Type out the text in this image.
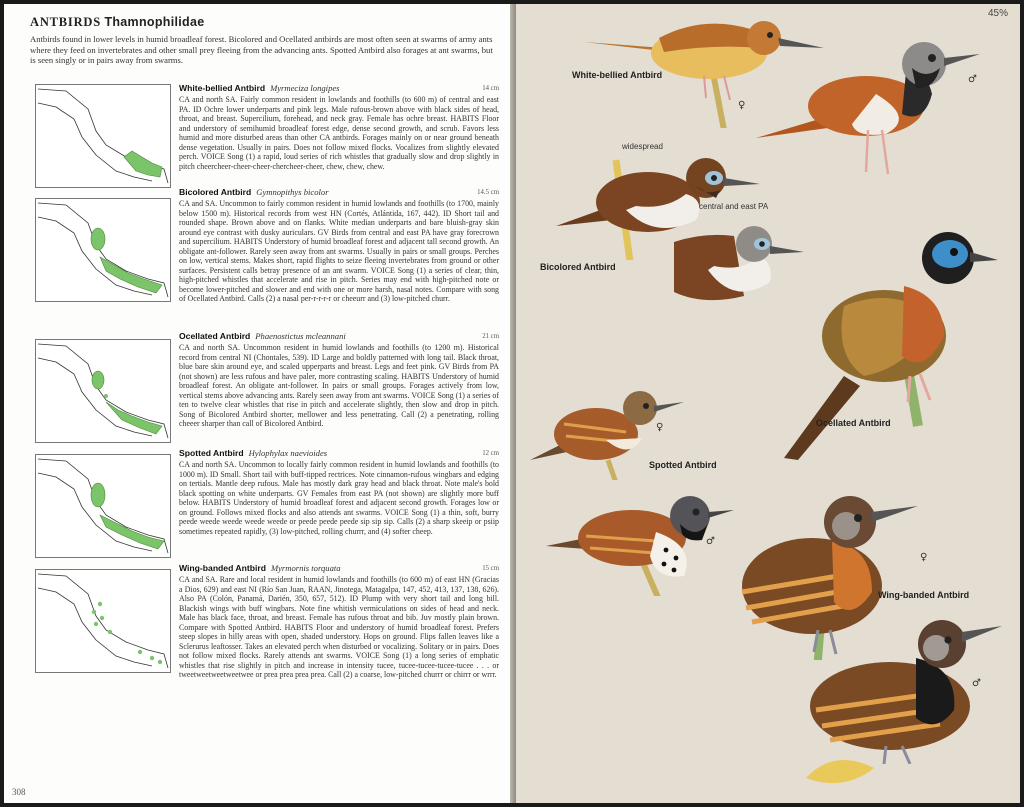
ANTBIRDS Thamnophilidae
Antbirds found in lower levels in humid broadleaf forest. Bicolored and Ocellated antbirds are most often seen at swarms of army ants where they feed on invertebrates and other small prey fleeing from the advancing ants. Spotted Antbird also forages at ant swarms, but is seen singly or in pairs away from swarms.
White-bellied Antbird Myrmeciza longipes	14 cm
CA and north SA. Fairly common resident in lowlands and foothills (to 600 m) of central and east PA. ID Ochre lower underparts and pink legs. Male rufous-brown above with black sides of head, throat, and breast. Supercilium, forehead, and neck gray. Female has ochre breast. HABITS Floor and understory of semihumid broadleaf forest edge, dense second growth, and scrub. Favors less humid and more disturbed areas than other CA antbirds. Forages mainly on or near ground beneath dense vegetation. Usually in pairs. Does not follow mixed flocks. Vocalizes from slightly elevated perch. VOICE Song (1) a rapid, loud series of rich whistles that gradually slow and drop slightly in pitch cheercheer-cheer-cheer-chercheer-cheer, chew, chew, chew.
Bicolored Antbird Gymnopithys bicolor	14.5 cm
CA and SA. Uncommon to fairly common resident in humid lowlands and foothills (to 1700, mainly below 1500 m). Historical records from west HN (Cortés, Atlántida, 167, 442). ID Short tail and rounded shape. Brown above and on flanks. White median underparts and bare bluish-gray skin around eye contrast with dusky auriculars. GV Birds from central and east PA have gray forecrown and supercilium. HABITS Understory of humid broadleaf forest and adjacent tall second growth. An obligate ant-follower. Rarely seen away from ant swarms. Usually in pairs or small groups. Perches on low, vertical stems. Makes short, rapid flights to seize fleeing invertebrates from ground or other surfaces. Persistent calls betray presence of an ant swarm. VOICE Song (1) a series of clear, thin, high-pitched whistles that accelerate and rise in pitch. Series may end with high-pitched note or become lower-pitched and slower and end with one or more harsh, nasal notes. Compare with song of Ocellated Antbird. Calls (2) a nasal per-r-r-r-r or cheeurr and (3) low-pitched churr.
Ocellated Antbird Phaenostictus mcleannani	21 cm
CA and north SA. Uncommon resident in humid lowlands and foothills (to 1200 m). Historical record from central NI (Chontales, 539). ID Large and boldly patterned with long tail. Black throat, blue bare skin around eye, and scaled upperparts and breast. Legs and feet pink. GV Birds from PA (not shown) are less rufous and have paler, more contrasting scaling. HABITS Understory of humid broadleaf forest. An obligate ant-follower. In pairs or small groups. Forages actively from low, vertical stems above advancing ants. Rarely seen away from ant swarms. VOICE Song (1) a series of ten to twelve clear whistles that rise in pitch and accelerate slightly, then slow and drop in pitch. Song of Bicolored Antbird shorter, mellower and less penetrating. Call (2) a penetrating, rolling cheeer sharper than call of Bicolored Antbird.
Spotted Antbird Hylophylax naevioides	12 cm
CA and north SA. Uncommon to locally fairly common resident in humid lowlands and foothills (to 1000 m). ID Small. Short tail with buff-tipped rectrices. Note cinnamon-rufous wingbars and edging on tertials. Mantle deep rufous. Male has mostly dark gray head and black throat. Note male's bold black spotting on white underparts. GV Females from east PA (not shown) are slightly more buff below. HABITS Understory of humid broadleaf forest and adjacent second growth. Forages low or on ground. Follows mixed flocks and also attends ant swarms. VOICE Song (1) a thin, soft, burry peede weede weede weede weede or peede peede peede sip sip sip. Calls (2) a sharp skeeip or psiip sometimes repeated rapidly, (3) low-pitched, rolling churrr, and (4) softer cheep.
Wing-banded Antbird Myrmornis torquata	15 cm
CA and SA. Rare and local resident in humid lowlands and foothills (to 600 m) of east HN (Gracias a Dios, 629) and east NI (Río San Juan, RAAN, Jinotega, Matagalpa, 147, 452, 413, 137, 138, 626). Also PA (Colón, Panamá, Darién, 350, 657, 512). ID Plump with very short tail and long bill. Blackish wings with buff wingbars. Note fine whitish vermiculations on sides of head and neck. Male has black face, throat, and breast. Female has rufous throat and bib. Juv mostly plain brown. Compare with Spotted Antbird. HABITS Floor and understory of humid broadleaf forest. Prefers steep slopes in hilly areas with open, shaded understory. Hops on ground. Flips fallen leaves like a Sclerurus leaftosser. Takes an elevated perch when disturbed or vocalizing. Solitary or in pairs. Does not follow mixed flocks. Rarely attends ant swarms. VOICE Song (1) a long series of emphatic whistles that rise slightly in pitch and increase in intensity tucee, tucee-tucee-tucee-tucee . . . or tweetweetweetweetwee or prea prea prea prea. Call (2) a coarse, low-pitched churrr or chirrr or wrrr.
308
45%
White-bellied Antbird
♀
♂
widespread
central and east PA
Bicolored Antbird
Ocellated Antbird
♀
Spotted Antbird
♂
♀
Wing-banded Antbird
♂
